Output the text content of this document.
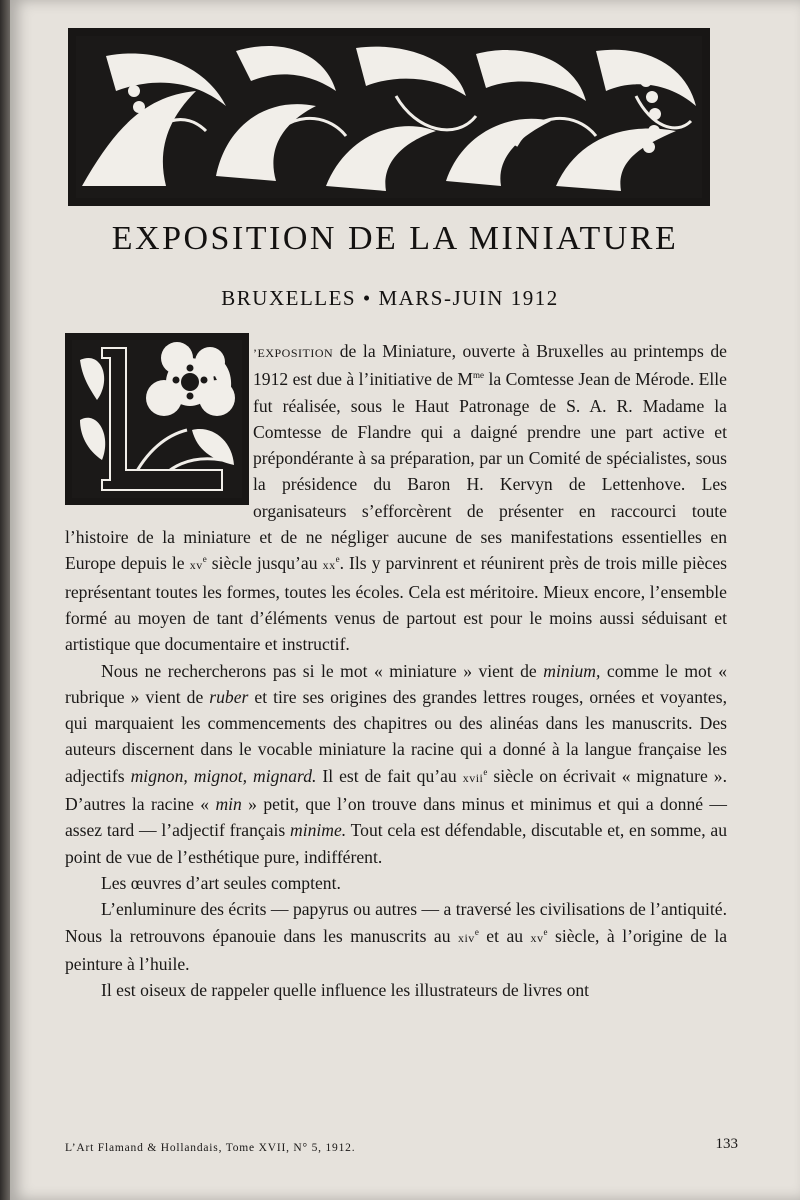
EXPOSITION DE LA MINIATURE
BRUXELLES • MARS-JUIN 1912
L

’EXPOSITION de la Miniature, ouverte à Bruxelles au printemps de 1912 est due à l’initiative de $M^{me}$ la Comtesse Jean de Mérode. Elle fut réalisée, sous le Haut Patronage de S. A. R. Madame la Comtesse de Flandre qui a daigné prendre une part active et prépondérante à sa préparation, par un Comité de spécialistes, sous la présidence du Baron H. Kervyn de Lettenhove. Les organisateurs s’efforcèrent de présenter en raccourci toute l’histoire de la miniature et de ne négliger aucune de ses manifestations essentielles en Europe depuis le $xv^e$ siècle jusqu’au $xx^e$. Ils y parvinrent et réunirent près de trois mille pièces représentant toutes les formes, toutes les écoles. Cela est méritoire. Mieux encore, l’ensemble formé au moyen de tant d’éléments venus de partout est pour le moins aussi séduisant et artistique que documentaire et instructif.

Nous ne rechercherons pas si le mot « miniature » vient de minium, comme le mot « rubrique » vient de ruber et tire ses origines des grandes lettres rouges, ornées et voyantes, qui marquaient les commencements des chapitres ou des alinéas dans les manuscrits. Des auteurs discernent dans le vocable miniature la racine qui a donné à la langue française les adjectifs mignon, mignot, mignard. Il est de fait qu’au xvii$^e$ siècle on écrivait « mignature ». D’autres la racine « min » petit, que l’on trouve dans minus et minimus et qui a donné — assez tard — l’adjectif français minime. Tout cela est défendable, discutable et, en somme, au point de vue de l’esthétique pure, indifférent.

Les œuvres d’art seules comptent.

L’enluminure des écrits — papyrus ou autres — a traversé les civilisations de l’antiquité. Nous la retrouvons épanouie dans les manuscrits au xiv$^e$ et au $xv^e$ siècle, à l’origine de la peinture à l’huile.

Il est oiseux de rappeler quelle influence les illustrateurs de livres ont

L’Art Flamand & Hollandais, Tome XVII, N° 5, 1912.	133
